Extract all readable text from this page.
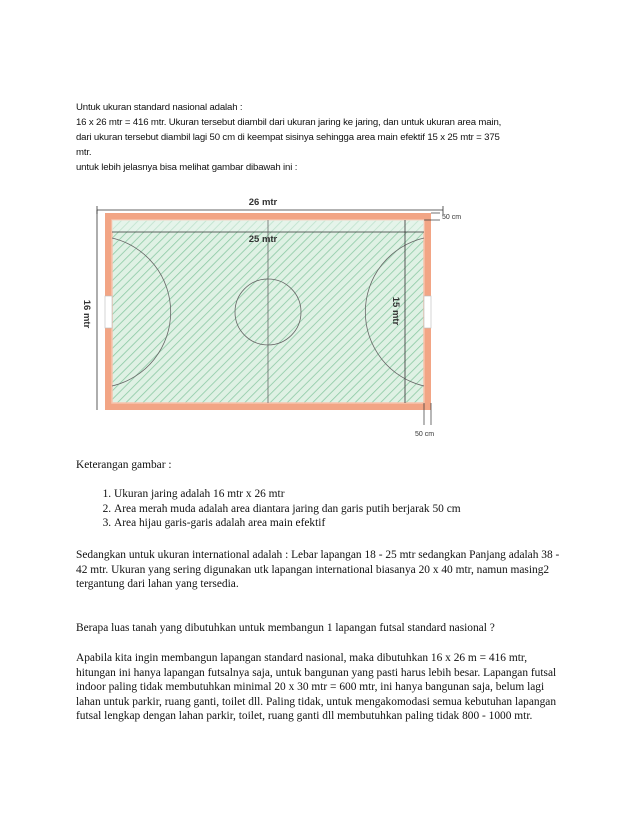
Untuk ukuran standard nasional adalah :
16 x 26 mtr = 416 mtr. Ukuran tersebut diambil dari ukuran jaring ke jaring, dan untuk ukuran area main,
dari ukuran tersebut diambil lagi 50 cm di keempat sisinya sehingga area main efektif 15 x 25 mtr = 375
mtr.
untuk lebih jelasnya bisa melihat gambar dibawah ini :
26 mtr
16 mtr
25 mtr
15 mtr
50 cm
50 cm
Keterangan gambar :
1. Ukuran jaring adalah 16 mtr x 26 mtr
2. Area merah muda adalah area diantara jaring dan garis putih berjarak 50 cm
3. Area hijau garis-garis adalah area main efektif
Sedangkan untuk ukuran international adalah : Lebar lapangan 18 - 25 mtr sedangkan Panjang adalah 38 - 42 mtr. Ukuran yang sering digunakan utk lapangan international biasanya 20 x 40 mtr, namun masing2 tergantung dari lahan yang tersedia.
Berapa luas tanah yang dibutuhkan untuk membangun 1 lapangan futsal standard nasional ?
Apabila kita ingin membangun lapangan standard nasional, maka dibutuhkan 16 x 26 m = 416 mtr, hitungan ini hanya lapangan futsalnya saja, untuk bangunan yang pasti harus lebih besar. Lapangan futsal indoor paling tidak membutuhkan minimal 20 x 30 mtr = 600 mtr, ini hanya bangunan saja, belum lagi lahan untuk parkir, ruang ganti, toilet dll. Paling tidak, untuk mengakomodasi semua kebutuhan lapangan futsal lengkap dengan lahan parkir, toilet, ruang ganti dll membutuhkan paling tidak 800 - 1000 mtr.
